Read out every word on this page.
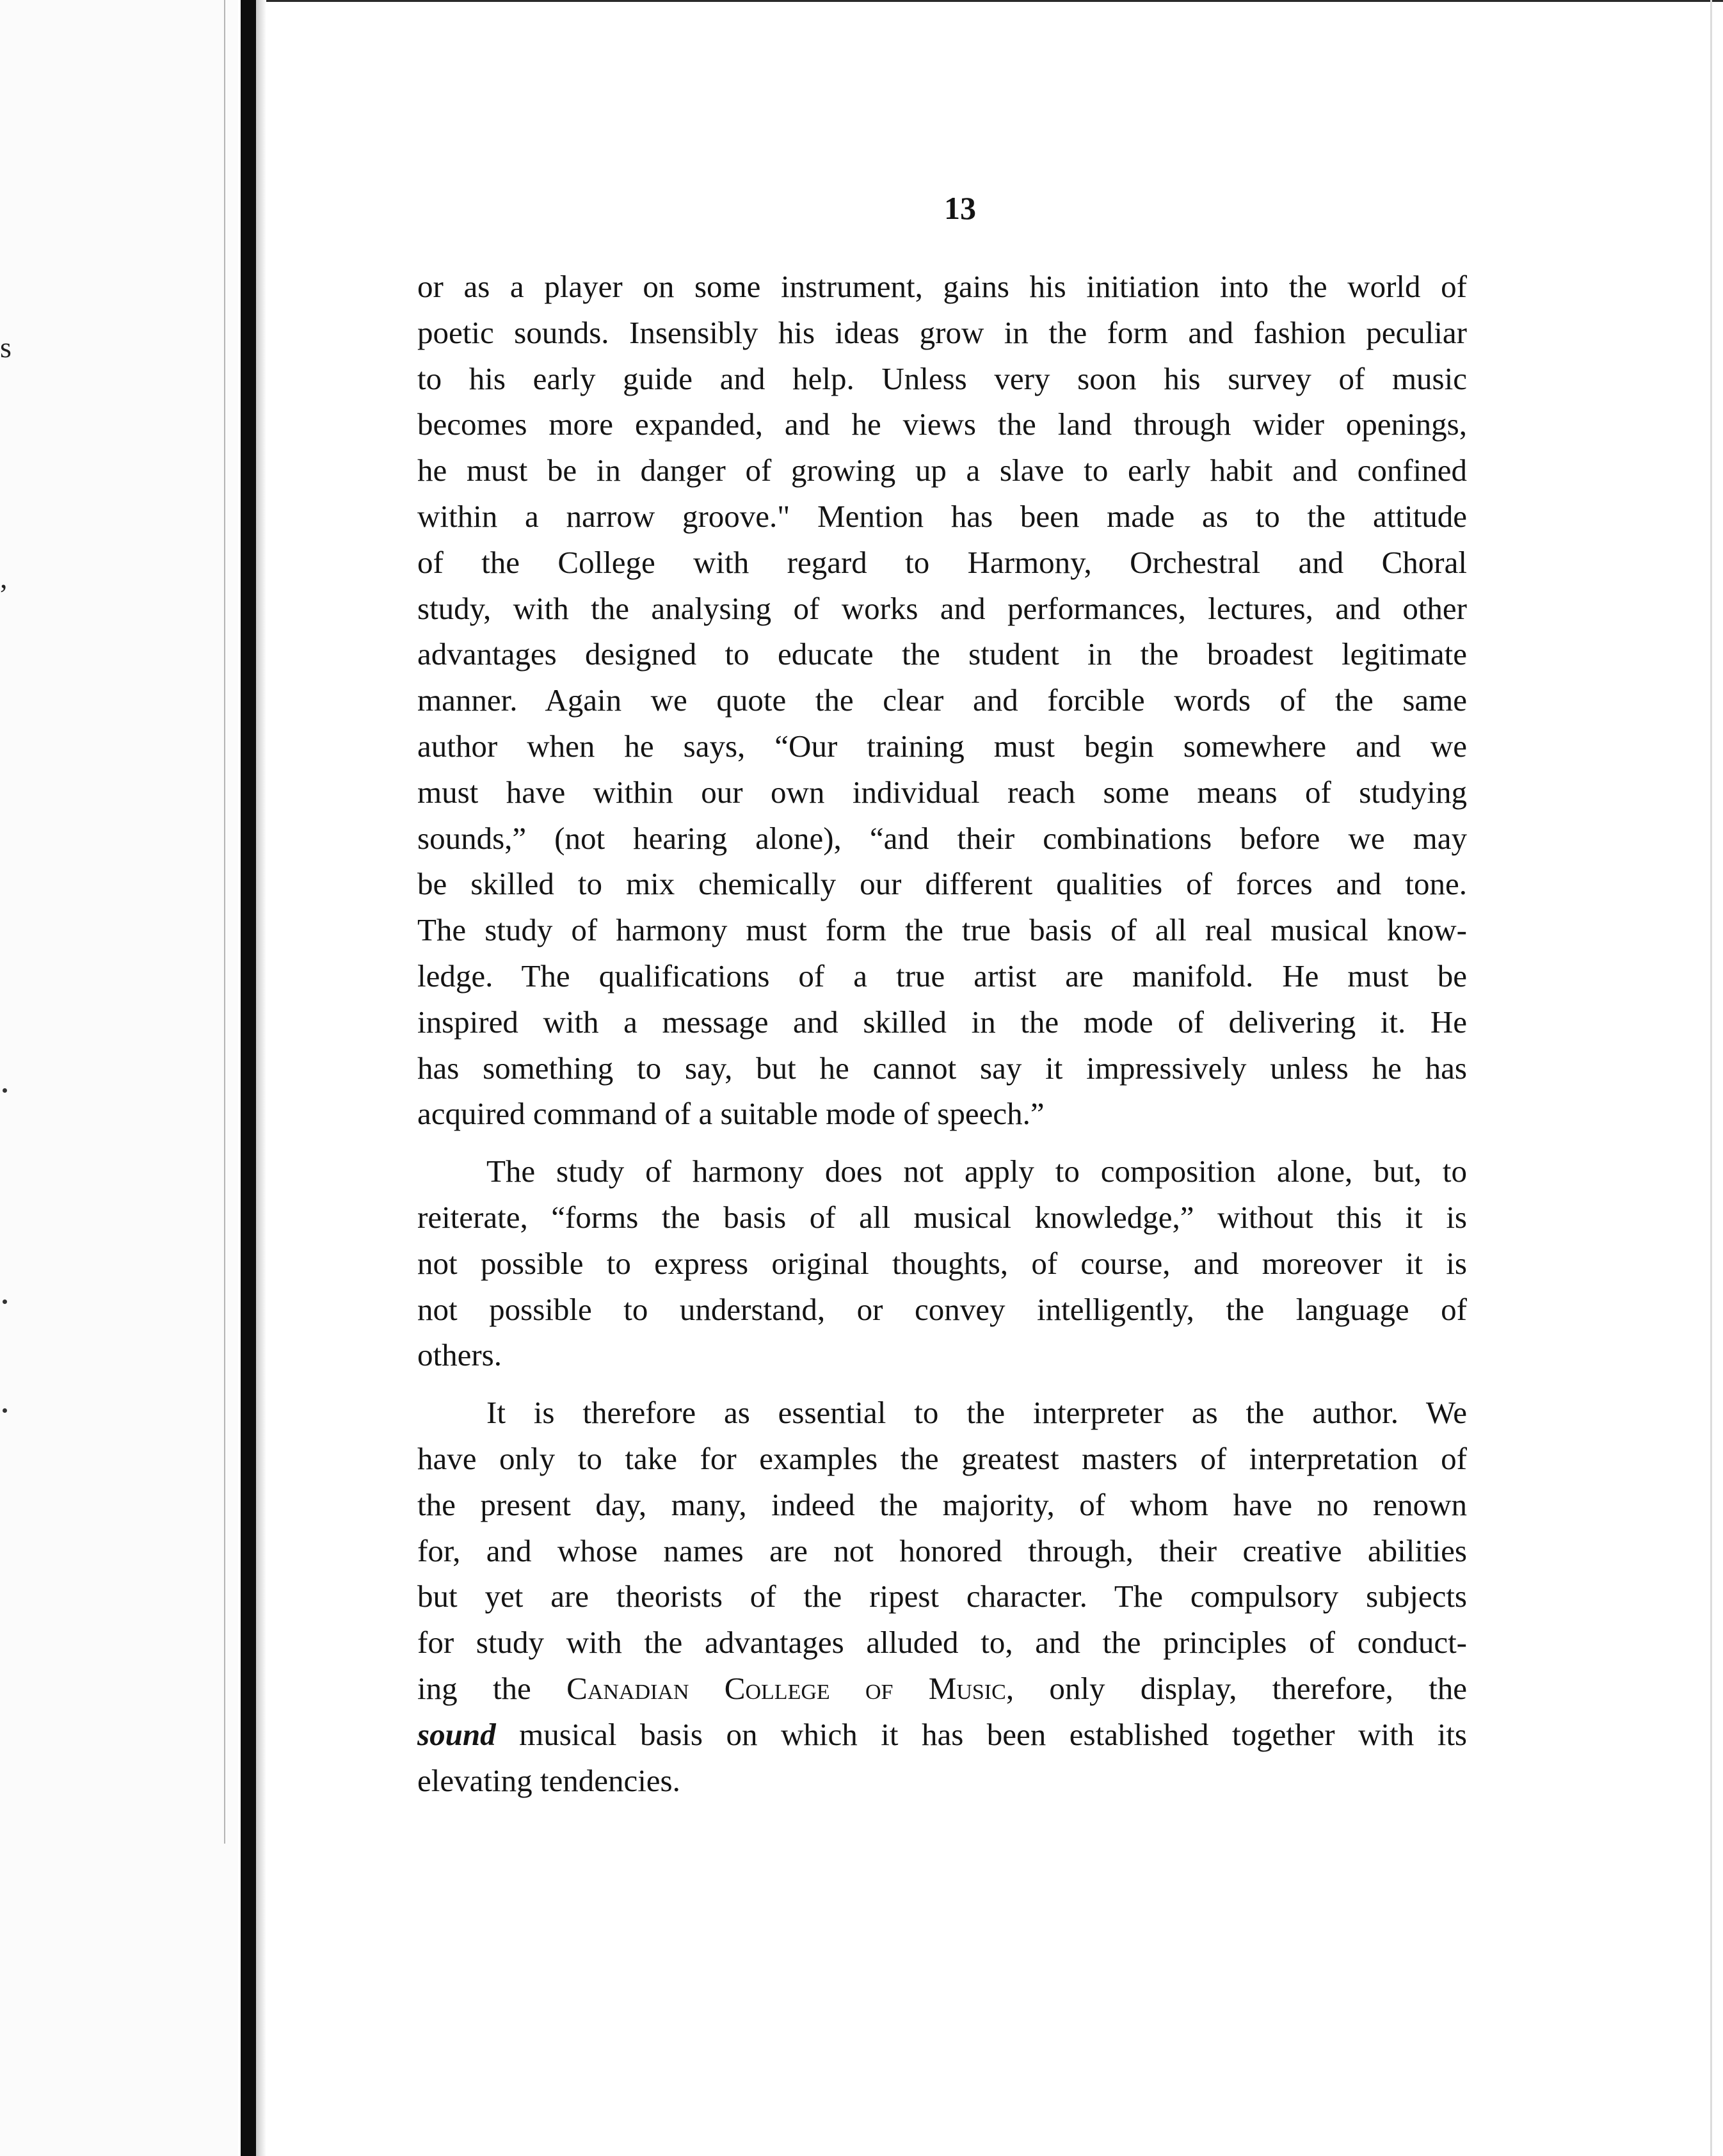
s
,
13
or as a player on some instrument, gains his initiation into the world of
poetic sounds. Insensibly his ideas grow in the form and fashion peculiar
to his early guide and help. Unless very soon his survey of music
becomes more expanded, and he views the land through wider openings,
he must be in danger of growing up a slave to early habit and confined
within a narrow groove." Mention has been made as to the attitude
of the College with regard to Harmony, Orchestral and Choral
study, with the analysing of works and performances, lectures, and other
advantages designed to educate the student in the broadest legitimate
manner. Again we quote the clear and forcible words of the same
author when he says, “Our training must begin somewhere and we
must have within our own individual reach some means of studying
sounds,” (not hearing alone), “and their combinations before we may
be skilled to mix chemically our different qualities of forces and tone.
The study of harmony must form the true basis of all real musical know-
ledge. The qualifications of a true artist are manifold. He must be
inspired with a message and skilled in the mode of delivering it. He
has something to say, but he cannot say it impressively unless he has
acquired command of a suitable mode of speech.”
The study of harmony does not apply to composition alone, but, to
reiterate, “forms the basis of all musical knowledge,” without this it is
not possible to express original thoughts, of course, and moreover it is
not possible to understand, or convey intelligently, the language of
others.
It is therefore as essential to the interpreter as the author. We
have only to take for examples the greatest masters of interpretation of
the present day, many, indeed the majority, of whom have no renown
for, and whose names are not honored through, their creative abilities
but yet are theorists of the ripest character. The compulsory subjects
for study with the advantages alluded to, and the principles of conduct-
ing the Canadian College of Music, only display, therefore, the
sound musical basis on which it has been established together with its
elevating tendencies.
